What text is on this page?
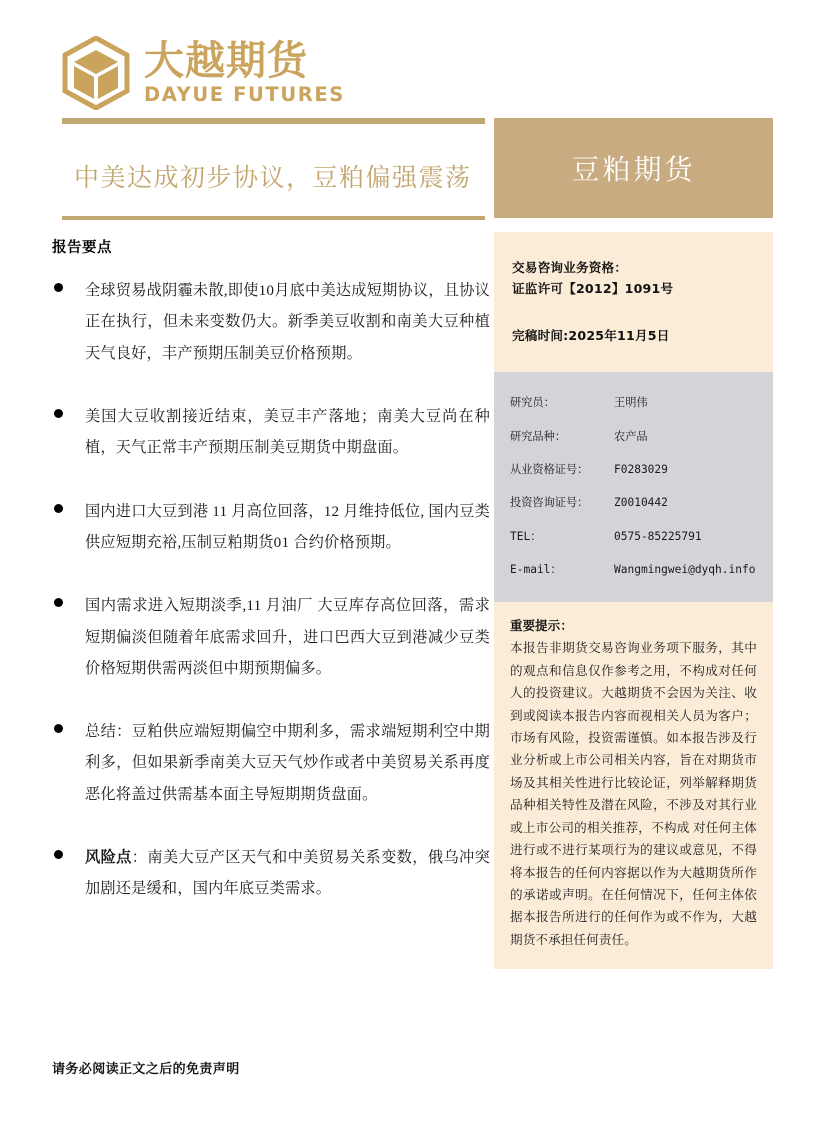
大越期货
DAYUE FUTURES
中美达成初步协议，豆粕偏强震荡	豆粕期货
报告要点
全球贸易战阴霾未散,即使10月底中美达成短期协议，且协议正在执行，但未来变数仍大。新季美豆收割和南美大豆种植天气良好，丰产预期压制美豆价格预期。
美国大豆收割接近结束，美豆丰产落地；南美大豆尚在种植，天气正常丰产预期压制美豆期货中期盘面。
国内进口大豆到港 11 月高位回落，12 月维持低位, 国内豆类供应短期充裕,压制豆粕期货01 合约价格预期。
国内需求进入短期淡季,11 月油厂 大豆库存高位回落，需求短期偏淡但随着年底需求回升，进口巴西大豆到港减少豆类价格短期供需两淡但中期预期偏多。
总结：豆粕供应端短期偏空中期利多，需求端短期利空中期利多，但如果新季南美大豆天气炒作或者中美贸易关系再度恶化将盖过供需基本面主导短期期货盘面。
风险点：南美大豆产区天气和中美贸易关系变数，俄乌冲突加剧还是缓和，国内年底豆类需求。
请务必阅读正文之后的免责声明
交易咨询业务资格：
证监许可【2012】1091号
完稿时间:2025年11月5日
研究员：	王明伟
研究品种：	农产品
从业资格证号：	F0283029
投资咨询证号：	Z0010442
TEL：	0575-85225791
E-mail：	Wangmingwei@dyqh.info
重要提示：
本报告非期货交易咨询业务项下服务，其中的观点和信息仅作参考之用，不构成对任何人的投资建议。大越期货不会因为关注、收到或阅读本报告内容而视相关人员为客户；市场有风险，投资需谨慎。如本报告涉及行业分析或上市公司相关内容，旨在对期货市场及其相关性进行比较论证，列举解释期货品种相关特性及潜在风险，不涉及对其行业或上市公司的相关推荐，不构成 对任何主体进行或不进行某项行为的建议或意见，不得将本报告的任何内容据以作为大越期货所作的承诺或声明。在任何情况下，任何主体依据本报告所进行的任何作为或不作为，大越期货不承担任何责任。
